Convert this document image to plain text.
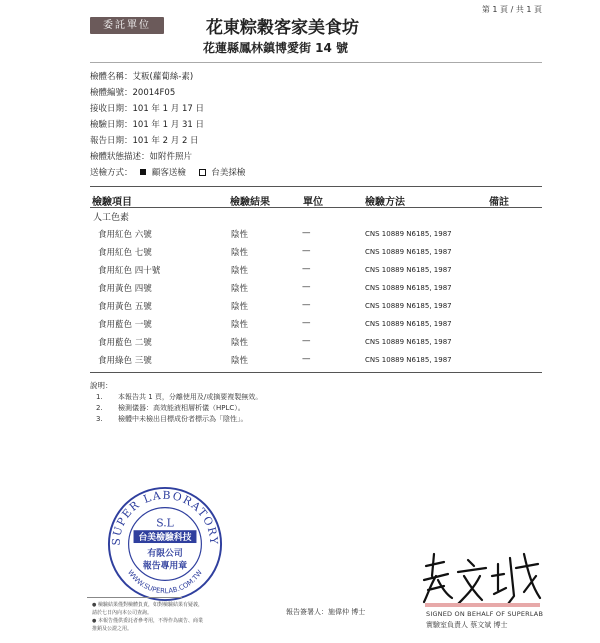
第 1 頁 / 共 1 頁
委託單位	花東粽穀客家美食坊
花蓮縣鳳林鎮博愛街 14 號
檢體名稱：艾粄(蘿蔔絲-素)
檢體編號：20014F05
接收日期：101 年 1 月 17 日
檢驗日期：101 年 1 月 31 日
報告日期：101 年 2 月 2 日
檢體狀態描述：如附件照片
送檢方式： 顧客送檢	台美採檢
檢驗項目	檢驗結果	單位	檢驗方法	備註
人工色素
食用紅色 六號	陰性	—	CNS 10889 N6185, 1987
食用紅色 七號	陰性	—	CNS 10889 N6185, 1987
食用紅色 四十號	陰性	—	CNS 10889 N6185, 1987
食用黃色 四號	陰性	—	CNS 10889 N6185, 1987
食用黃色 五號	陰性	—	CNS 10889 N6185, 1987
食用藍色 一號	陰性	—	CNS 10889 N6185, 1987
食用藍色 二號	陰性	—	CNS 10889 N6185, 1987
食用綠色 三號	陰性	—	CNS 10889 N6185, 1987
說明：
1. 本報告共 1 頁，分離使用及/或摘要複製無效。
2. 檢測儀器：高效能液相層析儀（HPLC）。
3. 檢體中未檢出目標成份者標示為「陰性」。
SUPER LABORATORY
WWW.SUPERLAB.COM.TW
S.L
台美檢驗科技
有限公司
報告專用章
● 檢驗結果僅對檢體負責，如對檢驗結果有疑義，
請於七日內向本公司查詢。
● 本報告僅供委託者參考用，不得作為廣告、商業
推銷及公證之用。
報告簽署人：施偉仲 博士	SIGNED ON BEHALF OF SUPERLAB
實驗室負責人 蔡文斌 博士
